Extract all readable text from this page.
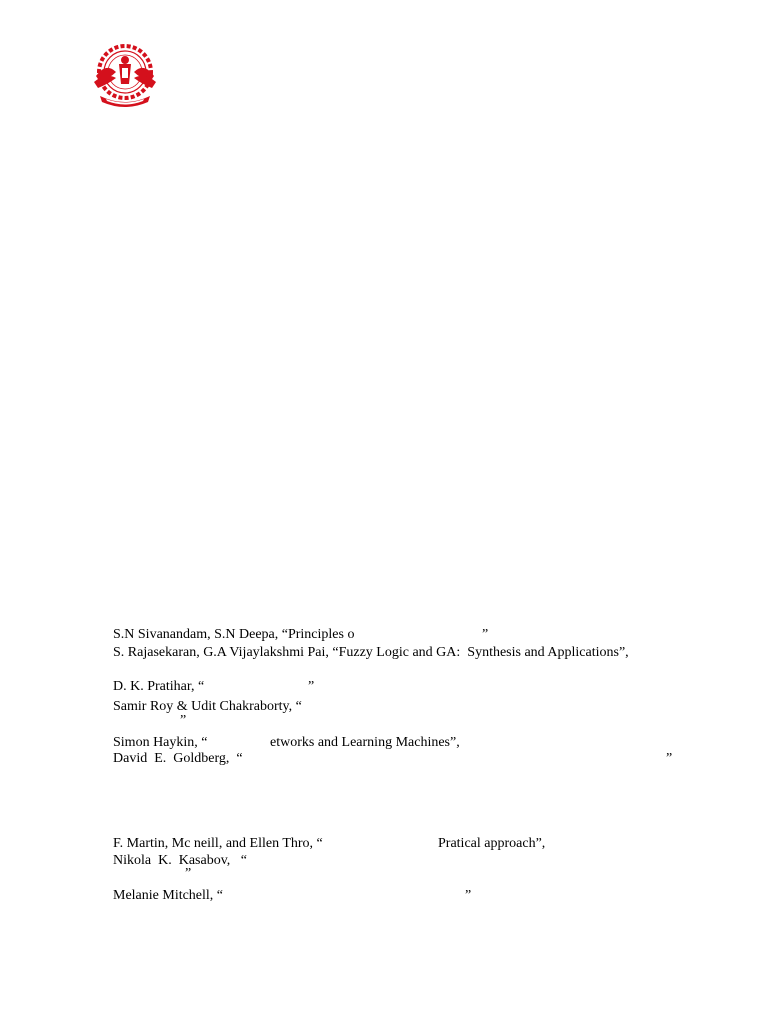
S.N Sivanandam, S.N Deepa, “Principles o

	”

S. Rajasekaran, G.A Vijaylakshmi Pai, “Fuzzy Logic and GA:  Synthesis and Applications”,

D. K. Pratihar, “

	”

Samir Roy & Udit Chakraborty, “

”

Simon Haykin, “

	etworks and Learning Machines”,

David  E.  Goldberg,  “

	”

F. Martin, Mc neill, and Ellen Thro, “

	Pratical approach”,

Nikola  K.  Kasabov,   “

”

Melanie Mitchell, “

	”
